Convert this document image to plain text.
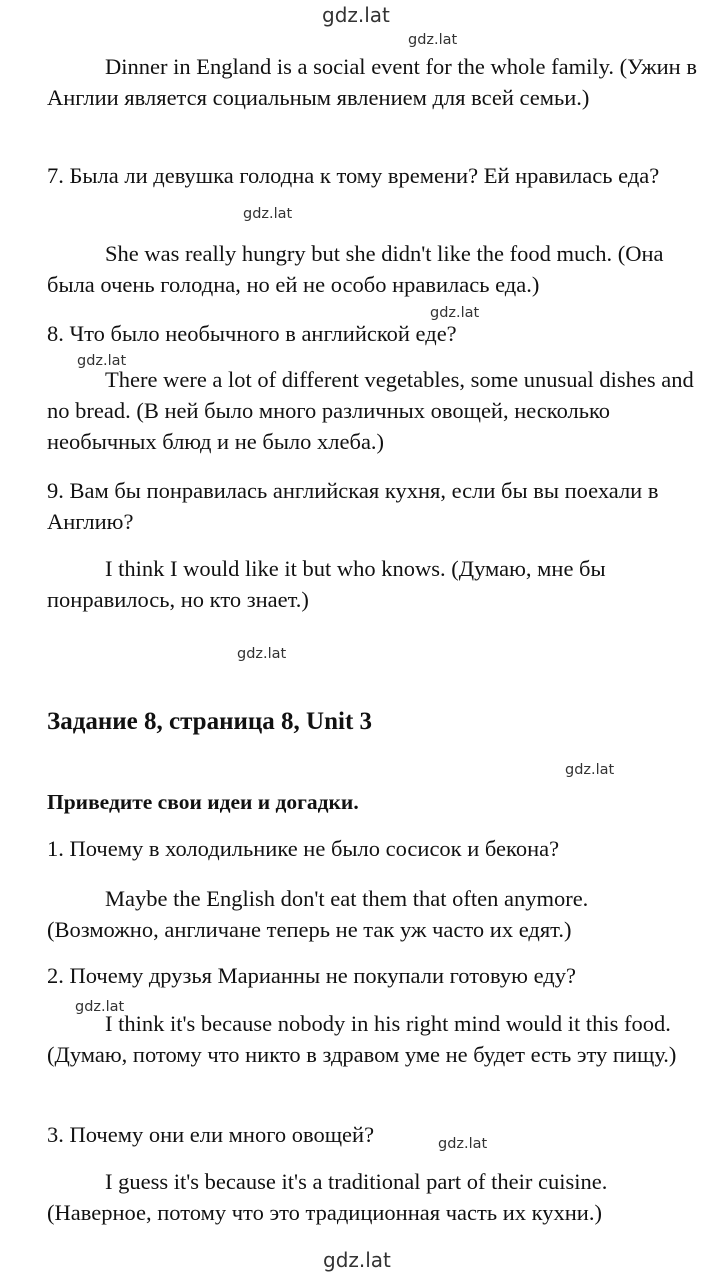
gdz.lat
gdz.lat
gdz.lat
gdz.lat
gdz.lat
gdz.lat
gdz.lat
gdz.lat
gdz.lat
gdz.lat

Dinner in England is a social event for the whole family. (Ужин в Англии является социальным явлением для всей семьи.)

7. Была ли девушка голодна к тому времени? Ей нравилась еда?

She was really hungry but she didn't like the food much. (Она была очень голодна, но ей не особо нравилась еда.)

8. Что было необычного в английской еде?

There were a lot of different vegetables, some unusual dishes and no bread. (В ней было много различных овощей, несколько необычных блюд и не было хлеба.)

9. Вам бы понравилась английская кухня, если бы вы поехали в Англию?

I think I would like it but who knows. (Думаю, мне бы понравилось, но кто знает.)

Задание 8, страница 8, Unit 3
Приведите свои идеи и догадки.

1. Почему в холодильнике не было сосисок и бекона?

Maybe the English don't eat them that often anymore. (Возможно, англичане теперь не так уж часто их едят.)

2. Почему друзья Марианны не покупали готовую еду?

I think it's because nobody in his right mind would it this food. (Думаю, потому что никто в здравом уме не будет есть эту пищу.)

3. Почему они ели много овощей?

I guess it's because it's a traditional part of their cuisine. (Наверное, потому что это традиционная часть их кухни.)
